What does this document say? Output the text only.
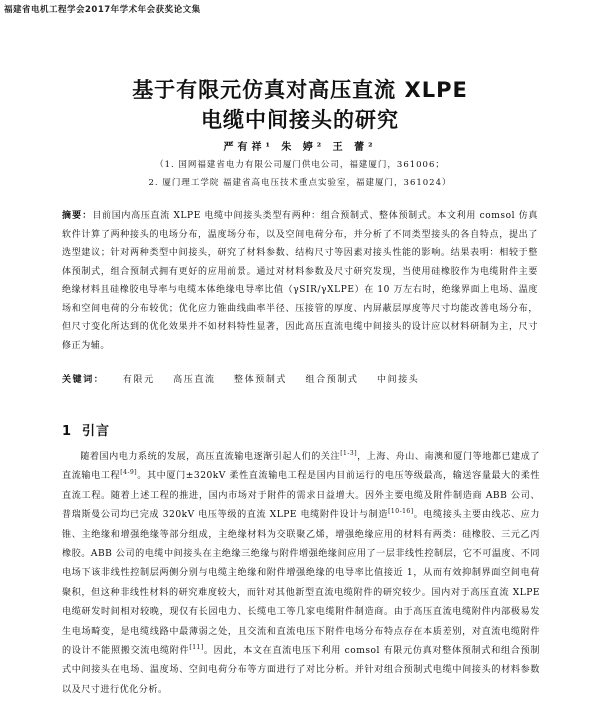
福建省电机工程学会2017年学术年会获奖论文集
基于有限元仿真对高压直流 XLPE
电缆中间接头的研究
严有祥¹ 朱 婷² 王 蕾²
（1. 国网福建省电力有限公司厦门供电公司，福建厦门，361006；
2. 厦门理工学院 福建省高电压技术重点实验室，福建厦门，361024）
摘要：目前国内高压直流 XLPE 电缆中间接头类型有两种：组合预制式、整体预制式。本文利用 comsol 仿真软件计算了两种接头的电场分布，温度场分布，以及空间电荷分布，并分析了不同类型接头的各自特点，提出了选型建议；针对两种类型中间接头，研究了材料参数、结构尺寸等因素对接头性能的影响。结果表明：相较于整体预制式，组合预制式拥有更好的应用前景。通过对材料参数及尺寸研究发现，当使用硅橡胶作为电缆附件主要绝缘材料且硅橡胶电导率与电缆本体绝缘电导率比值（γSIR/γXLPE）在 10 万左右时，绝缘界面上电场、温度场和空间电荷的分布较优；优化应力锥曲线曲率半径、压接管的厚度、内屏蔽层厚度等尺寸均能改善电场分布，但尺寸变化所达到的优化效果并不如材料特性显著，因此高压直流电缆中间接头的设计应以材料研制为主，尺寸修正为辅。
关键词： 有限元 高压直流 整体预制式 组合预制式 中间接头
1 引言
随着国内电力系统的发展，高压直流输电逐渐引起人们的关注[1-3]，上海、舟山、南澳和厦门等地都已建成了直流输电工程[4-9]。其中厦门±320kV 柔性直流输电工程是国内目前运行的电压等级最高，输送容量最大的柔性直流工程。随着上述工程的推进，国内市场对于附件的需求日益增大。因外主要电缆及附件制造商 ABB 公司、普瑞斯曼公司均已完成 320kV 电压等级的直流 XLPE 电缆附件设计与制造[10-16]。电缆接头主要由线芯、应力锥、主绝缘和增强绝缘等部分组成，主绝缘材料为交联聚乙烯，增强绝缘应用的材料有两类：硅橡胶、三元乙丙橡胶。ABB 公司的电缆中间接头在主绝缘三绝缘与附件增强绝缘间应用了一层非线性控制层，它不可温度、不同电场下该非线性控制层两侧分别与电缆主绝缘和附件增强绝缘的电导率比值接近 1，从而有效抑制界面空间电荷聚积，但这种非线性材料的研究难度较大，而针对其他新型直流电缆附件的研究较少。国内对于高压直流 XLPE 电缆研发时间相对较晚，现仅有长园电力、长缆电工等几家电缆附件制造商。由于高压直流电缆附件内部极易发生电场畸变，是电缆线路中最薄弱之处，且交流和直流电压下附件电场分布特点存在本质差别，对直流电缆附件的设计不能照搬交流电缆附件[11]。因此，本文在直流电压下利用 comsol 有限元仿真对整体预制式和组合预制式中间接头在电场、温度场、空间电荷分布等方面进行了对比分析。并针对组合预制式电缆中间接头的材料参数以及尺寸进行优化分析。
